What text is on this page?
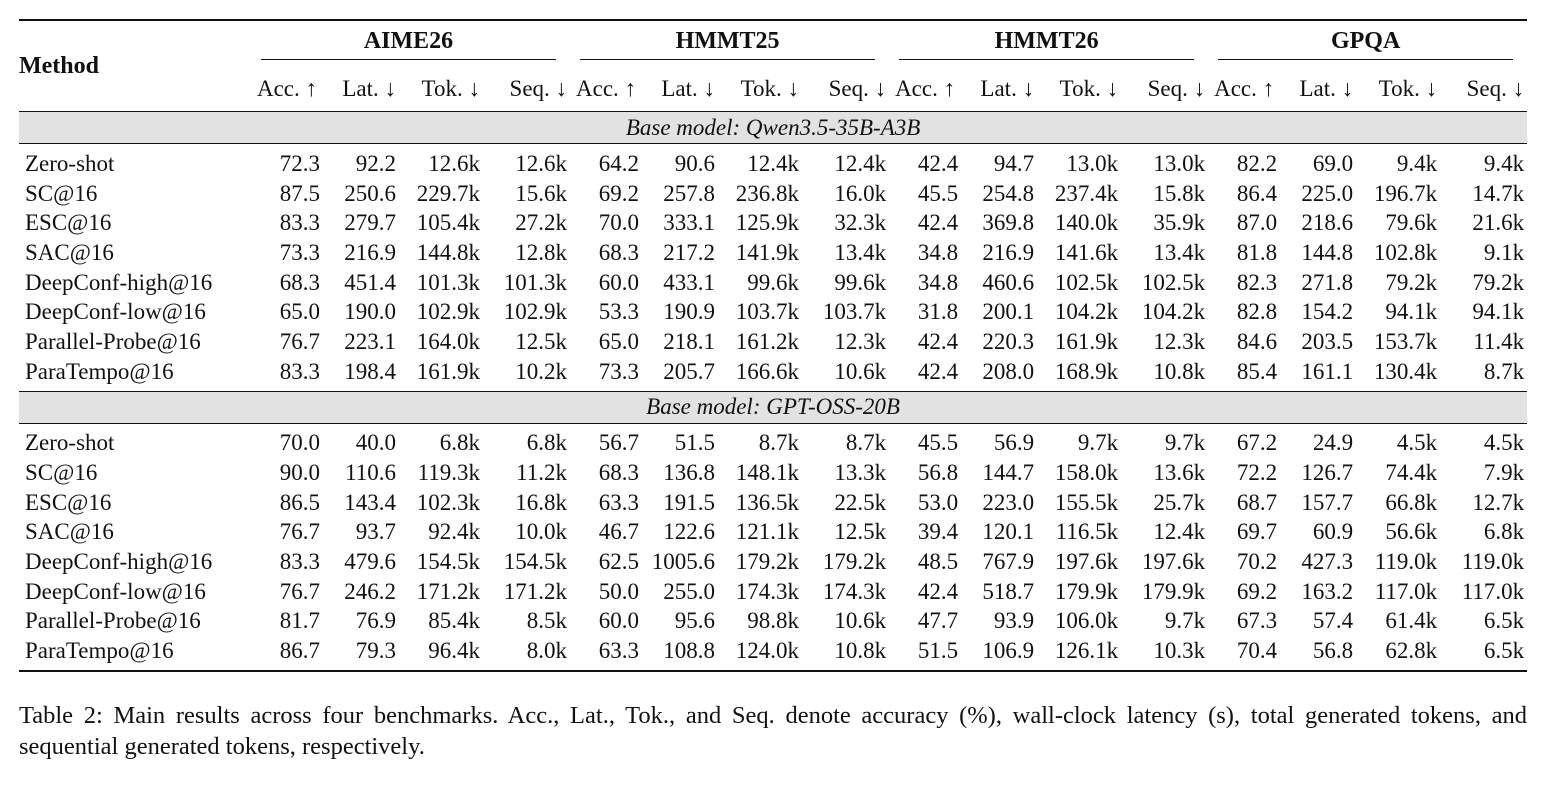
Method	AIME26				HMMT25				HMMT26				GPQA			

	Acc. ↑	Lat. ↓	Tok. ↓	Seq. ↓	Acc. ↑	Lat. ↓	Tok. ↓	Seq. ↓	Acc. ↑	Lat. ↓	Tok. ↓	Seq. ↓	Acc. ↑	Lat. ↓	Tok. ↓	Seq. ↓
Base model: Qwen3.5-35B-A3B																

Zero-shot	72.3	92.2	12.6k	12.6k	64.2	90.6	12.4k	12.4k	42.4	94.7	13.0k	13.0k	82.2	69.0	9.4k	9.4k
SC@16	87.5	250.6	229.7k	15.6k	69.2	257.8	236.8k	16.0k	45.5	254.8	237.4k	15.8k	86.4	225.0	196.7k	14.7k
ESC@16	83.3	279.7	105.4k	27.2k	70.0	333.1	125.9k	32.3k	42.4	369.8	140.0k	35.9k	87.0	218.6	79.6k	21.6k
SAC@16	73.3	216.9	144.8k	12.8k	68.3	217.2	141.9k	13.4k	34.8	216.9	141.6k	13.4k	81.8	144.8	102.8k	9.1k
DeepConf-high@16	68.3	451.4	101.3k	101.3k	60.0	433.1	99.6k	99.6k	34.8	460.6	102.5k	102.5k	82.3	271.8	79.2k	79.2k
DeepConf-low@16	65.0	190.0	102.9k	102.9k	53.3	190.9	103.7k	103.7k	31.8	200.1	104.2k	104.2k	82.8	154.2	94.1k	94.1k
Parallel-Probe@16	76.7	223.1	164.0k	12.5k	65.0	218.1	161.2k	12.3k	42.4	220.3	161.9k	12.3k	84.6	203.5	153.7k	11.4k
ParaTempo@16	83.3	198.4	161.9k	10.2k	73.3	205.7	166.6k	10.6k	42.4	208.0	168.9k	10.8k	85.4	161.1	130.4k	8.7k
Base model: GPT-OSS-20B																

Zero-shot	70.0	40.0	6.8k	6.8k	56.7	51.5	8.7k	8.7k	45.5	56.9	9.7k	9.7k	67.2	24.9	4.5k	4.5k
SC@16	90.0	110.6	119.3k	11.2k	68.3	136.8	148.1k	13.3k	56.8	144.7	158.0k	13.6k	72.2	126.7	74.4k	7.9k
ESC@16	86.5	143.4	102.3k	16.8k	63.3	191.5	136.5k	22.5k	53.0	223.0	155.5k	25.7k	68.7	157.7	66.8k	12.7k
SAC@16	76.7	93.7	92.4k	10.0k	46.7	122.6	121.1k	12.5k	39.4	120.1	116.5k	12.4k	69.7	60.9	56.6k	6.8k
DeepConf-high@16	83.3	479.6	154.5k	154.5k	62.5	1005.6	179.2k	179.2k	48.5	767.9	197.6k	197.6k	70.2	427.3	119.0k	119.0k
DeepConf-low@16	76.7	246.2	171.2k	171.2k	50.0	255.0	174.3k	174.3k	42.4	518.7	179.9k	179.9k	69.2	163.2	117.0k	117.0k
Parallel-Probe@16	81.7	76.9	85.4k	8.5k	60.0	95.6	98.8k	10.6k	47.7	93.9	106.0k	9.7k	67.3	57.4	61.4k	6.5k
ParaTempo@16	86.7	79.3	96.4k	8.0k	63.3	108.8	124.0k	10.8k	51.5	106.9	126.1k	10.3k	70.4	56.8	62.8k	6.5k
Table 2: Main results across four benchmarks. Acc., Lat., Tok., and Seq. denote accuracy (%), wall-clock latency (s), total generated tokens, and sequential generated tokens, respectively.
